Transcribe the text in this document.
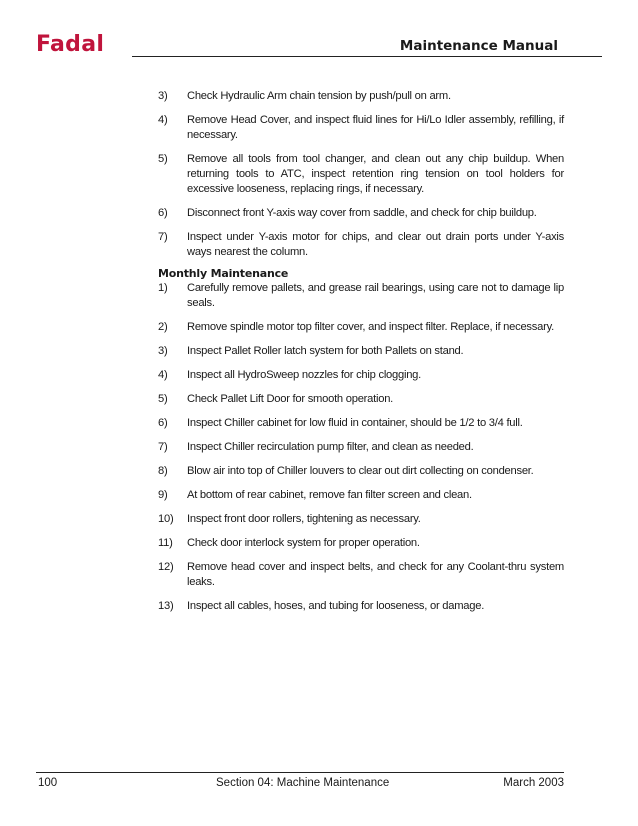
Fadal	Maintenance Manual
3) Check Hydraulic Arm chain tension by push/pull on arm.
4) Remove Head Cover, and inspect fluid lines for Hi/Lo Idler assembly, refilling, if necessary.
5) Remove all tools from tool changer, and clean out any chip buildup. When returning tools to ATC, inspect retention ring tension on tool holders for excessive looseness, replacing rings, if necessary.
6) Disconnect front Y-axis way cover from saddle, and check for chip buildup.
7) Inspect under Y-axis motor for chips, and clear out drain ports under Y-axis ways nearest the column.
Monthly Maintenance
1) Carefully remove pallets, and grease rail bearings, using care not to damage lip seals.
2) Remove spindle motor top filter cover, and inspect filter. Replace, if necessary.
3) Inspect Pallet Roller latch system for both Pallets on stand.
4) Inspect all HydroSweep nozzles for chip clogging.
5) Check Pallet Lift Door for smooth operation.
6) Inspect Chiller cabinet for low fluid in container, should be 1/2 to 3/4 full.
7) Inspect Chiller recirculation pump filter, and clean as needed.
8) Blow air into top of Chiller louvers to clear out dirt collecting on condenser.
9) At bottom of rear cabinet, remove fan filter screen and clean.
10) Inspect front door rollers, tightening as necessary.
11) Check door interlock system for proper operation.
12) Remove head cover and inspect belts, and check for any Coolant-thru system leaks.
13) Inspect all cables, hoses, and tubing for looseness, or damage.
100	Section 04: Machine Maintenance	March 2003
